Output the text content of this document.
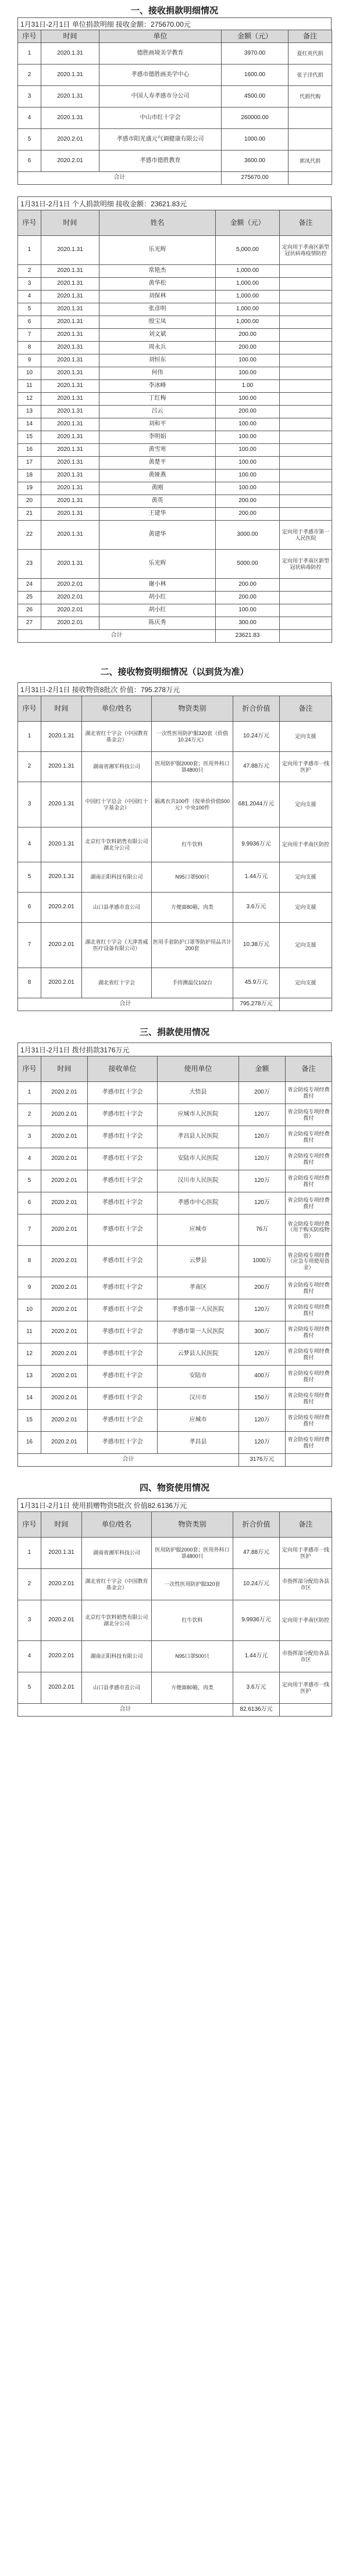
一、接收捐款明细情况
1月31日-2月1日 单位捐款明细 接收金额：275670.00元
序号	时间	单位	金额（元）	备注
1	2020.1.31	德胜画境美学教育	3970.00	夏红英代捐
2	2020.1.31	孝感市德胜画美学中心	1600.00	张子洋代捐
3	2020.1.31	中国人寿孝感市分公司	4500.00	代捐代购
4	2020.1.31	中山市红十字会	260000.00	
5	2020.2.01	孝感市阳光盛元气调健康有限公司	1000.00	
6	2020.2.01	孝感市德胜教育	3600.00	郭凤代捐
合计			275670.00	
1月31日-2月1日 个人捐款明细 接收金额：23621.83元
序号	时间	姓名	金额（元）	备注
1	2020.1.31	乐光辉	5,000.00	定向用于孝南区新型冠状病毒疫情防控
2	2020.1.31	常艳杰	1,000.00	
3	2020.1.31	黄华松	1,000.00	
4	2020.1.31	刘保林	1,000.00	
5	2020.1.31	张彦明	1,000.00	
6	2020.1.31	殷宝凤	1,000.00	
7	2020.1.31	刘文斌	200.00	
8	2020.1.31	周永兵	200.00	
9	2020.1.31	刘恒东	100.00	
10	2020.1.31	何伟	100.00	
11	2020.1.31	李冰峰	1.00	
12	2020.1.31	丁红梅	100.00	
13	2020.1.31	吕云	200.00	
14	2020.1.31	刘和平	100.00	
15	2020.1.31	李明娟	100.00	
16	2020.1.31	黄雪寒	100.00	
17	2020.1.31	黄楚平	100.00	
18	2020.1.31	黄娅燕	100.00	
19	2020.1.31	黄刚	100.00	
20	2020.1.31	黄英	200.00	
21	2020.1.31	王建华	200.00	
22	2020.1.31	黄建华	3000.00	定向用于孝感市第一人民医院
23	2020.1.31	乐光辉	5000.00	定向用于孝南区新型冠状病毒防控
24	2020.2.01	谢小林	200.00	
25	2020.2.01	胡小红	200.00	
26	2020.2.01	胡小红	100.00	
27	2020.2.01	陈庆秀	300.00	
合计			23621.83	
二、接收物资明细情况（以到货为准）
1月31日-2月1日 接收物资8批次 价值：795.278万元
序号	时间	单位/姓名	物资类别	折合价值	备注
1	2020.1.31	湖北省红十字会（中国教育基金会）	一次性医用防护服320套（价值10.24万元）	10.24万元	定向支援
2	2020.1.31	湖南省湘军科技公司	医用防护服2000套；医用外科口罩4800只	47.88万元	定向用于孝感市一线医护
3	2020.1.31	中国红十字总会（中国红十字基金会）	隔离衣共100件（按单价价值500元）中央100件	681.2044万元	定向支援
4	2020.1.31	北京红牛饮料销售有限公司湖北分公司	红牛饮料	9.9936万元	定向用于孝南区防控
5	2020.1.31	湖南正阳科技有限公司	N95口罩500只	1.44万元	定向支援
6	2020.2.01	山口县孝感市直公司	方便面80箱，肉类	3.6万元	定向支援
7	2020.2.01	湖北省红十字会（天津普威医疗设备有限公司）	医用手套防护口罩等防护用品共计200套	10.38万元	定向支援
8	2020.2.01	湖北省红十字会	手持测温仪102台	45.9万元	定向支援
合计				795.278万元	
三、捐款使用情况
1月31日-2月1日 拨付捐款3176万元
序号	时间	接收单位	使用单位	金额	备注
1	2020.2.01	孝感市红十字会	大悟县	200万	省会防疫专项经费拨付
2	2020.2.01	孝感市红十字会	应城市人民医院	120万	省会防疫专项经费拨付
3	2020.2.01	孝感市红十字会	孝昌县人民医院	120万	省会防疫专项经费拨付
4	2020.2.01	孝感市红十字会	安陆市人民医院	120万	省会防疫专项经费拨付
5	2020.2.01	孝感市红十字会	汉川市人民医院	120万	省会防疫专项经费拨付
6	2020.2.01	孝感市红十字会	孝感市中心医院	120万	省会防疫专项经费拨付
7	2020.2.01	孝感市红十字会	应城市	76万	省会防疫专项经费（用于购买防疫物资）
8	2020.2.01	孝感市红十字会	云梦县	1000万	省会防疫专项经费（应急专项使用资金）
9	2020.2.01	孝感市红十字会	孝南区	200万	省会防疫专项经费拨付
10	2020.2.01	孝感市红十字会	孝感市第一人民医院	120万	省会防疫专项经费拨付
11	2020.2.01	孝感市红十字会	孝感市第一人民医院	300万	省会防疫专项经费拨付
12	2020.2.01	孝感市红十字会	云梦县人民医院	120万	省会防疫专项经费拨付
13	2020.2.01	孝感市红十字会	安陆市	400万	省会防疫专项经费拨付
14	2020.2.01	孝感市红十字会	汉川市	150万	省会防疫专项经费拨付
15	2020.2.01	孝感市红十字会	应城市	120万	省会防疫专项经费拨付
16	2020.2.01	孝感市红十字会	孝昌县	120万	省会防疫专项经费拨付
合计				3176万元	
四、物资使用情况
1月31日-2月1日 使用捐赠物资5批次 价值82.6136万元
序号	时间	单位/姓名	物资类别	折合价值	备注
1	2020.1.31	湖南省湘军科技公司	医用防护服2000套；医用外科口罩4800只	47.88万元	定向用于孝感市一线医护
2	2020.2.01	湖北省红十字会（中国教育基金会）	一次性医用防护服320套	10.24万元	市指挥部分配给各县市区
3	2020.2.01	北京红牛饮料销售有限公司湖北分公司	红牛饮料	9.9936万元	定向用于孝南区防控
4	2020.2.01	湖南正阳科技有限公司	N95口罩500只	1.44万元	市指挥部分配给各县市区
5	2020.2.01	山口县孝感市直公司	方便面80箱，肉类	3.6万元	定向用于孝感市一线医护
合计				82.6136万元	
